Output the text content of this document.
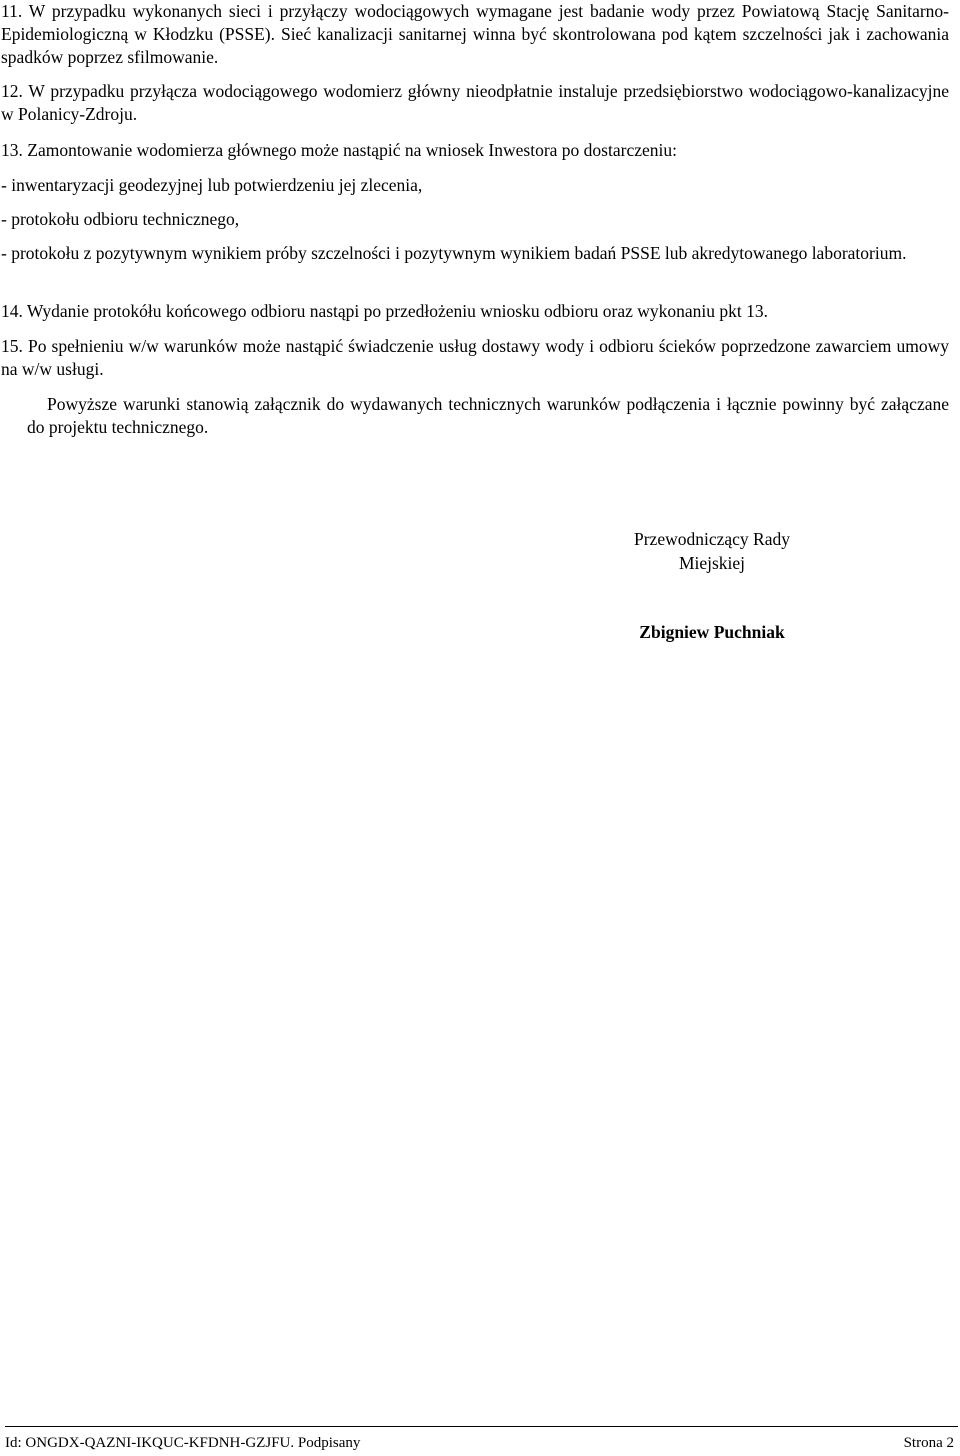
11. W przypadku wykonanych sieci i przyłączy wodociągowych wymagane jest badanie wody przez Powiatową Stację Sanitarno-Epidemiologiczną w Kłodzku (PSSE). Sieć kanalizacji sanitarnej winna być skontrolowana pod kątem szczelności jak i zachowania spadków poprzez sfilmowanie.

12. W przypadku przyłącza wodociągowego wodomierz główny nieodpłatnie instaluje przedsiębiorstwo wodociągowo-kanalizacyjne w Polanicy-Zdroju.

13. Zamontowanie wodomierza głównego może nastąpić na wniosek Inwestora po dostarczeniu:

- inwentaryzacji geodezyjnej lub potwierdzeniu jej zlecenia,

- protokołu odbioru technicznego,

- protokołu z pozytywnym wynikiem próby szczelności i pozytywnym wynikiem badań PSSE lub akredytowanego laboratorium.

14. Wydanie protokółu końcowego odbioru nastąpi po przedłożeniu wniosku odbioru oraz wykonaniu pkt 13.

15. Po spełnieniu w/w warunków może nastąpić świadczenie usług dostawy wody i odbioru ścieków poprzedzone zawarciem umowy na w/w usługi.

Powyższe warunki stanowią załącznik do wydawanych technicznych warunków podłączenia i łącznie powinny być załączane do projektu technicznego.

Przewodniczący Rady
Miejskiej
Zbigniew Puchniak
Id: ONGDX-QAZNI-IKQUC-KFDNH-GZJFU. Podpisany	Strona 2
